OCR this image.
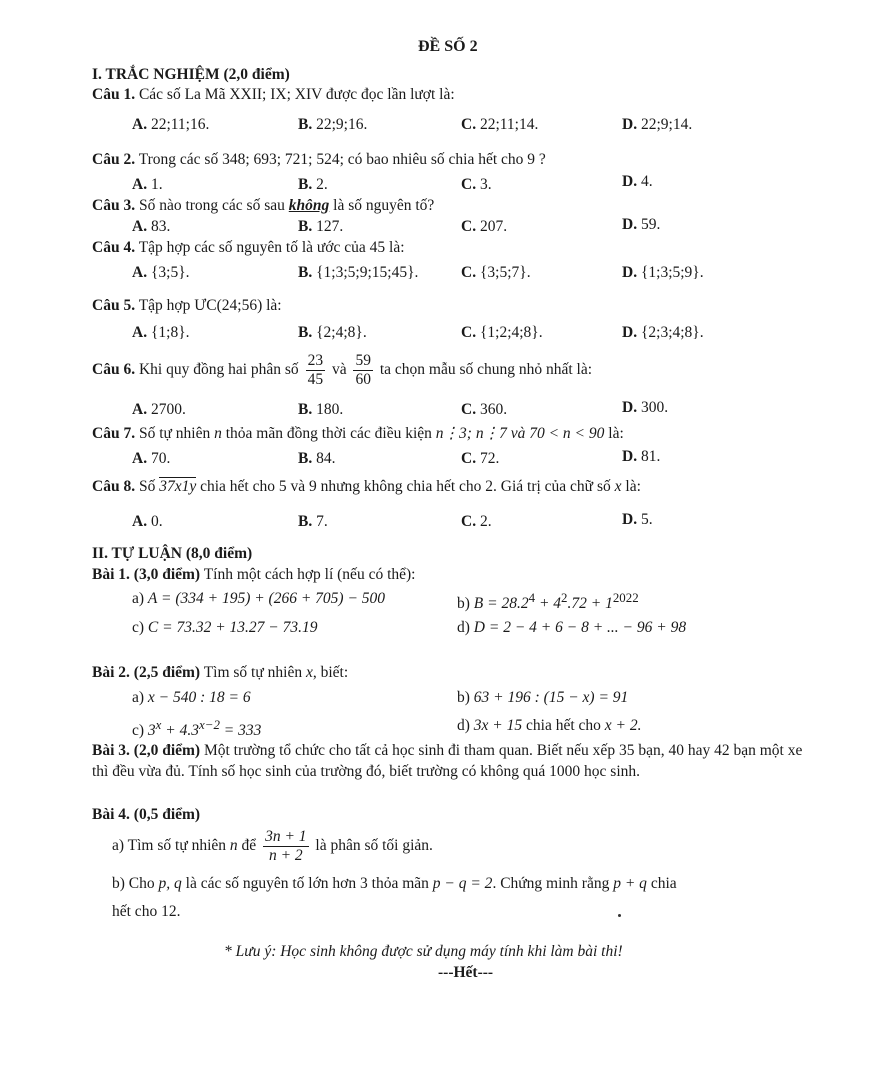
ĐỀ SỐ 2
I. TRẮC NGHIỆM (2,0 điểm)
Câu 1. Các số La Mã XXII; IX; XIV được đọc lần lượt là:
A. 22;11;16.	B. 22;9;16.	C. 22;11;14.	D. 22;9;14.
Câu 2. Trong các số 348; 693; 721; 524; có bao nhiêu số chia hết cho 9 ?
A. 1.	B. 2.	C. 3.	D. 4.
Câu 3. Số nào trong các số sau không là số nguyên tố?
A. 83.	B. 127.	C. 207.	D. 59.
Câu 4. Tập hợp các số nguyên tố là ước của 45 là:
A. {3;5}.	B. {1;3;5;9;15;45}.	C. {3;5;7}.	D. {1;3;5;9}.
Câu 5. Tập hợp ƯC(24;56) là:
A. {1;8}.	B. {2;4;8}.	C. {1;2;4;8}.	D. {2;3;4;8}.
Câu 6. Khi quy đồng hai phân số $\frac{23}{45}$ và $\frac{59}{60}$ ta chọn mẫu số chung nhỏ nhất là:
A. 2700.	B. 180.	C. 360.	D. 300.
Câu 7. Số tự nhiên n thỏa mãn đồng thời các điều kiện n⋮3; n⋮7 và 70 < n < 90 là:
A. 70.	B. 84.	C. 72.	D. 81.
Câu 8. Số 37x1y chia hết cho 5 và 9 nhưng không chia hết cho 2. Giá trị của chữ số x là:
A. 0.	B. 7.	C. 2.	D. 5.
II. TỰ LUẬN (8,0 điểm)
Bài 1. (3,0 điểm) Tính một cách hợp lí (nếu có thể):
a) A = (334 + 195) + (266 + 705) − 500	b) $B = 28.2^4 + 4^2.72 + 1^{2022}$
c) C = 73.32 + 13.27 − 73.19	d) D = 2 − 4 + 6 − 8 + ... − 96 + 98
Bài 2. (2,5 điểm) Tìm số tự nhiên x, biết:
a) x − 540 : 18 = 6	b) 63 + 196 : (15 − x) = 91
c) $3^x + 4.3^{x-2} = 333$	d) 3x + 15 chia hết cho x + 2.
Bài 3. (2,0 điểm) Một trường tổ chức cho tất cả học sinh đi tham quan. Biết nếu xếp 35 bạn, 40 hay 42 bạn một xe thì đều vừa đủ. Tính số học sinh của trường đó, biết trường có không quá 1000 học sinh.
Bài 4. (0,5 điểm)
a) Tìm số tự nhiên n để $\frac{3n + 1}{n + 2}$ là phân số tối giản.
b) Cho p, q là các số nguyên tố lớn hơn 3 thỏa mãn p − q = 2. Chứng minh rằng p + q chia
hết cho 12.
* Lưu ý: Học sinh không được sử dụng máy tính khi làm bài thi!
---Hết---
